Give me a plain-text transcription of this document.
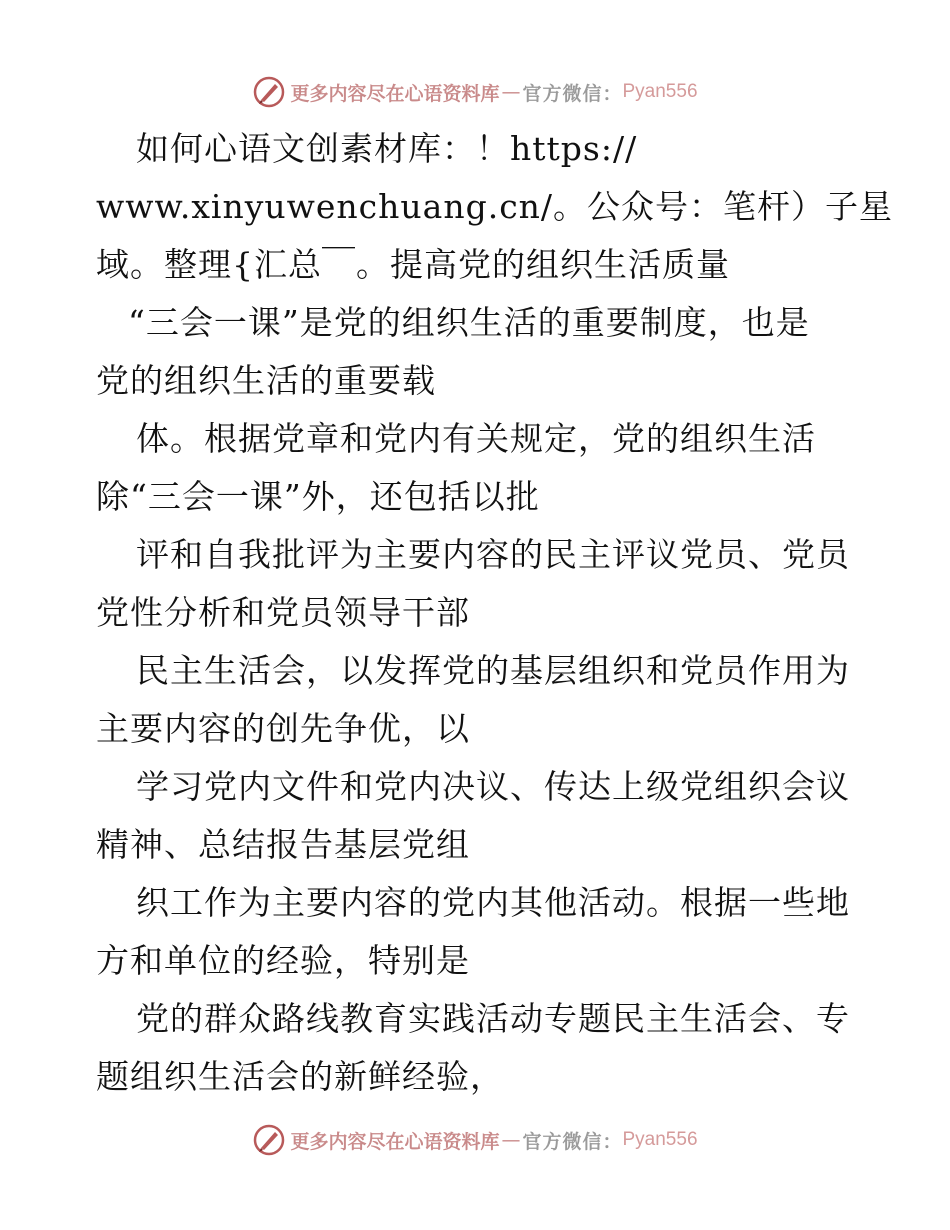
更多内容尽在心语资料库 — 官方微信： Pyan556

如何心语文创素材库：！https://

www.xinyuwenchuang.cn/。公众号：笔杆）子星

域。整理{汇总￣。提高党的组织生活质量

“三会一课”是党的组织生活的重要制度，也是

党的组织生活的重要载

体。根据党章和党内有关规定，党的组织生活

除“三会一课”外，还包括以批

评和自我批评为主要内容的民主评议党员、党员

党性分析和党员领导干部

民主生活会，以发挥党的基层组织和党员作用为

主要内容的创先争优，以

学习党内文件和党内决议、传达上级党组织会议

精神、总结报告基层党组

织工作为主要内容的党内其他活动。根据一些地

方和单位的经验，特别是

党的群众路线教育实践活动专题民主生活会、专

题组织生活会的新鲜经验，

更多内容尽在心语资料库 — 官方微信： Pyan556
